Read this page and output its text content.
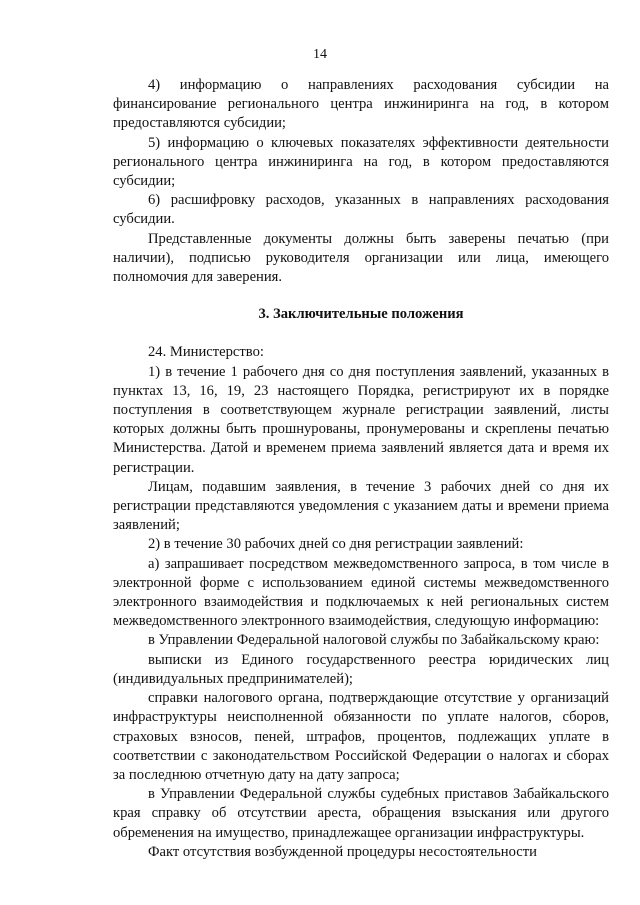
14

4) информацию о направлениях расходования субсидии на финансирование регионального центра инжиниринга на год, в котором предоставляются субсидии;

5) информацию о ключевых показателях эффективности деятельности регионального центра инжиниринга на год, в котором предоставляются субсидии;

6) расшифровку расходов, указанных в направлениях расходования субсидии.

Представленные документы должны быть заверены печатью (при наличии), подписью руководителя организации или лица, имеющего полномочия для заверения.

3. Заключительные положения

24. Министерство:

1) в течение 1 рабочего дня со дня поступления заявлений, указанных в пунктах 13, 16, 19, 23 настоящего Порядка, регистрируют их в порядке поступления в соответствующем журнале регистрации заявлений, листы которых должны быть прошнурованы, пронумерованы и скреплены печатью Министерства. Датой и временем приема заявлений является дата и время их регистрации.

Лицам, подавшим заявления, в течение 3 рабочих дней со дня их регистрации представляются уведомления с указанием даты и времени приема заявлений;

2) в течение 30 рабочих дней со дня регистрации заявлений:

а) запрашивает посредством межведомственного запроса, в том числе в электронной форме с использованием единой системы межведомственного электронного взаимодействия и подключаемых к ней региональных систем межведомственного электронного взаимодействия, следующую информацию:

в Управлении Федеральной налоговой службы по Забайкальскому краю:

выписки из Единого государственного реестра юридических лиц (индивидуальных предпринимателей);

справки налогового органа, подтверждающие отсутствие у организаций инфраструктуры неисполненной обязанности по уплате налогов, сборов, страховых взносов, пеней, штрафов, процентов, подлежащих уплате в соответствии с законодательством Российской Федерации о налогах и сборах за последнюю отчетную дату на дату запроса;

в Управлении Федеральной службы судебных приставов Забайкальского края справку об отсутствии ареста, обращения взыскания или другого обременения на имущество, принадлежащее организации инфраструктуры.

Факт отсутствия возбужденной процедуры несостоятельности
